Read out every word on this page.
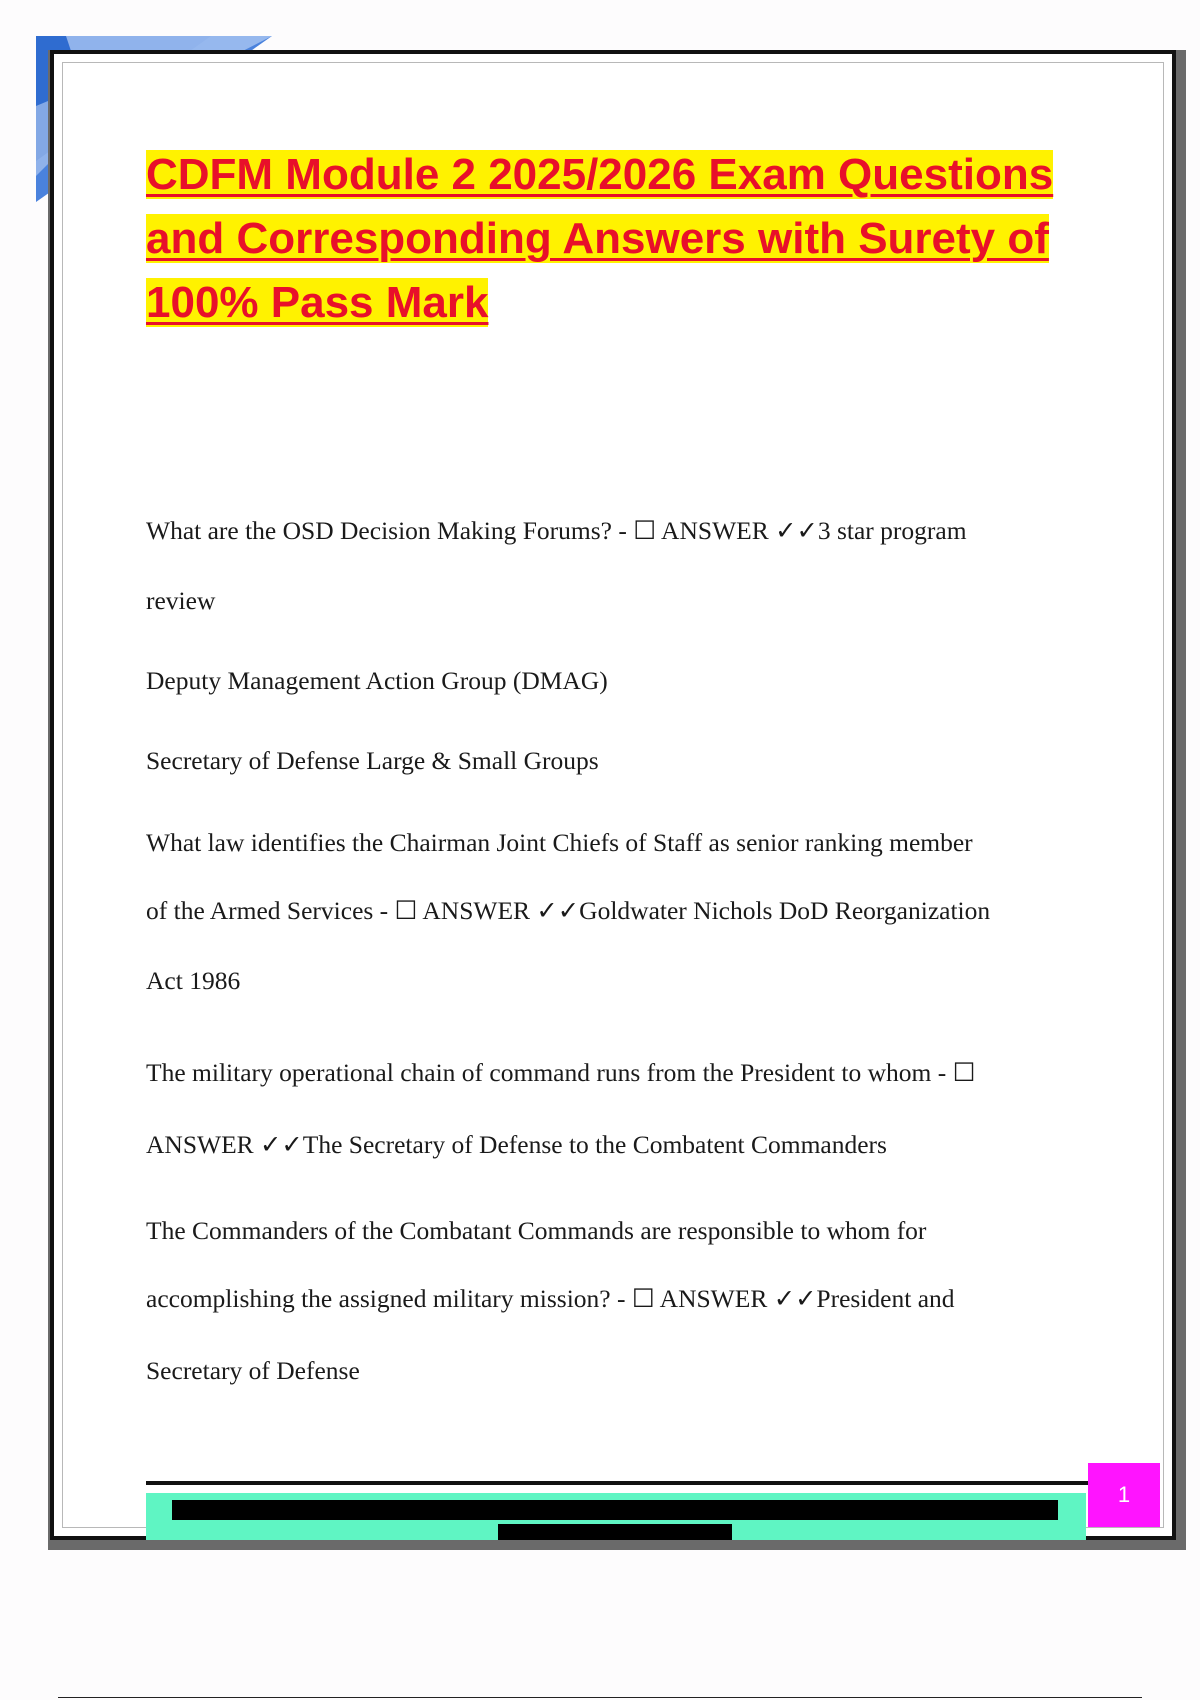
CDFM Module 2 2025/2026 Exam Questions and Corresponding Answers with Surety of 100% Pass Mark

What are the OSD Decision Making Forums? - ☐ ANSWER ✓✓3 star program

review

Deputy Management Action Group (DMAG)

Secretary of Defense Large & Small Groups

What law identifies the Chairman Joint Chiefs of Staff as senior ranking member

of the Armed Services - ☐ ANSWER ✓✓Goldwater Nichols DoD Reorganization

Act 1986

The military operational chain of command runs from the President to whom - ☐

ANSWER ✓✓The Secretary of Defense to the Combatent Commanders

The Commanders of the Combatant Commands are responsible to whom for

accomplishing the assigned military mission? - ☐ ANSWER ✓✓President and

Secretary of Defense

1
